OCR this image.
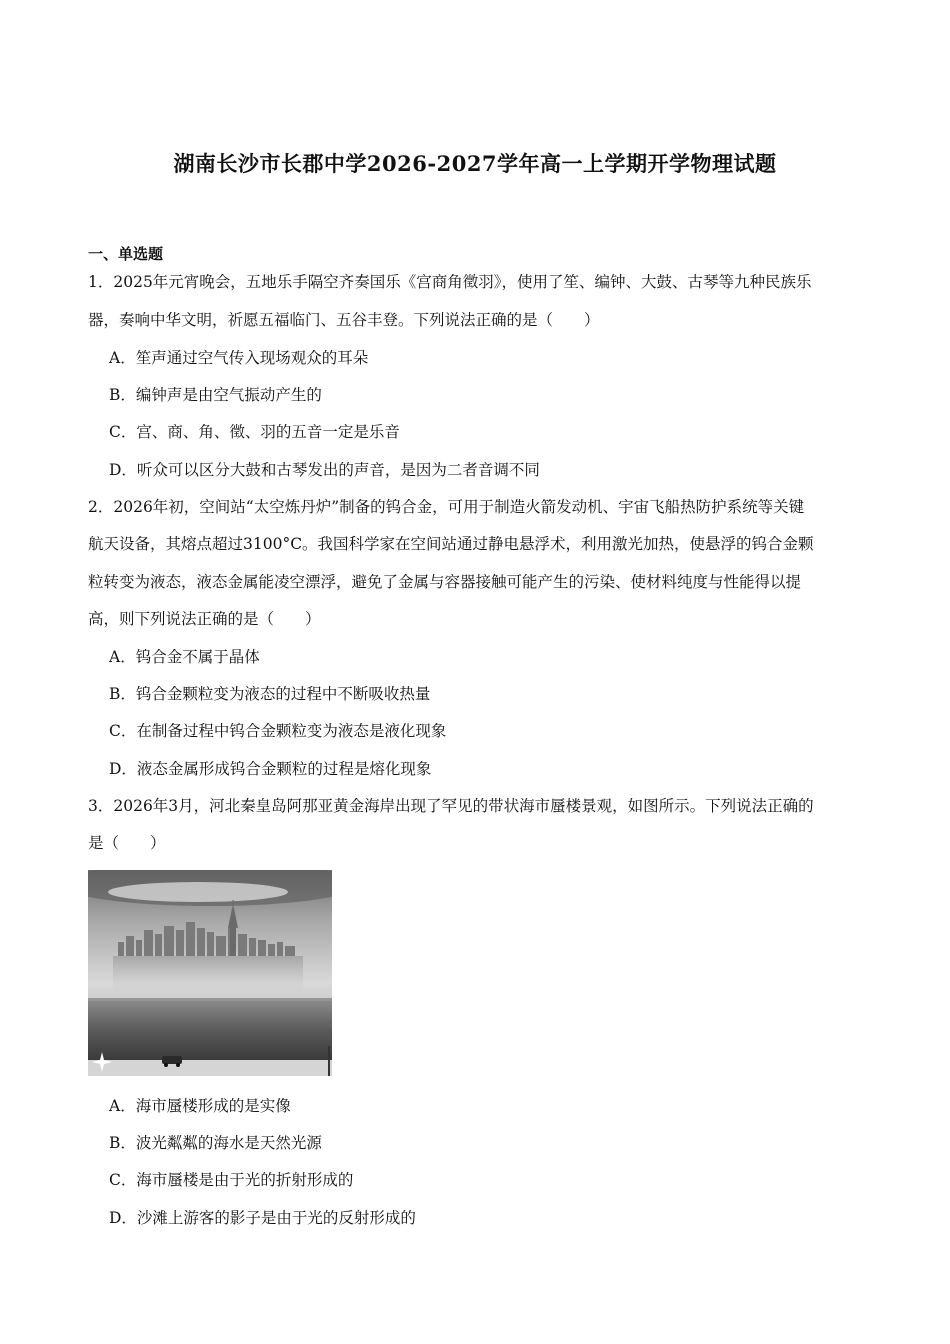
湖南长沙市长郡中学2026-2027学年高一上学期开学物理试题
一、单选题
1．2025年元宵晚会，五地乐手隔空齐奏国乐《宫商角徵羽》，使用了笙、编钟、大鼓、古琴等九种民族乐
器，奏响中华文明，祈愿五福临门、五谷丰登。下列说法正确的是（　　）
A．笙声通过空气传入现场观众的耳朵
B．编钟声是由空气振动产生的
C．宫、商、角、徵、羽的五音一定是乐音
D．听众可以区分大鼓和古琴发出的声音，是因为二者音调不同
2．2026年初，空间站“太空炼丹炉”制备的钨合金，可用于制造火箭发动机、宇宙飞船热防护系统等关键
航天设备，其熔点超过3100°C。我国科学家在空间站通过静电悬浮术，利用激光加热，使悬浮的钨合金颗
粒转变为液态，液态金属能凌空漂浮，避免了金属与容器接触可能产生的污染、使材料纯度与性能得以提
高，则下列说法正确的是（　　）
A．钨合金不属于晶体
B．钨合金颗粒变为液态的过程中不断吸收热量
C．在制备过程中钨合金颗粒变为液态是液化现象
D．液态金属形成钨合金颗粒的过程是熔化现象
3．2026年3月，河北秦皇岛阿那亚黄金海岸出现了罕见的带状海市蜃楼景观，如图所示。下列说法正确的
是（　　）
A．海市蜃楼形成的是实像
B．波光粼粼的海水是天然光源
C．海市蜃楼是由于光的折射形成的
D．沙滩上游客的影子是由于光的反射形成的
